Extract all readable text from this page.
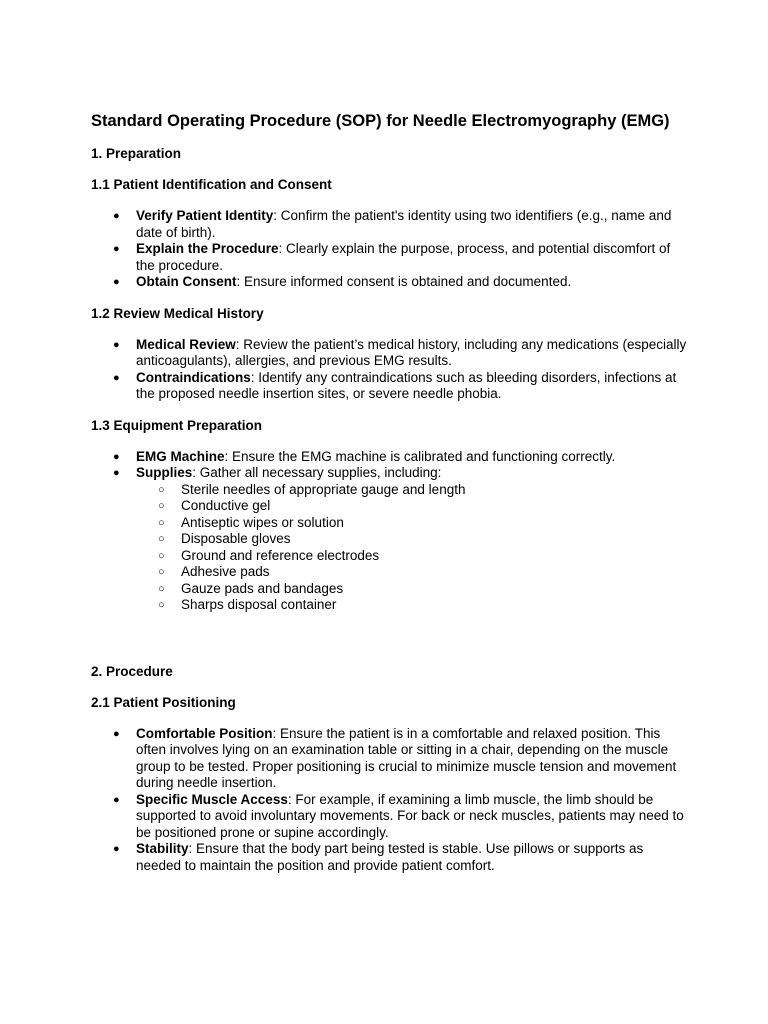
Standard Operating Procedure (SOP) for Needle Electromyography (EMG)
1. Preparation
1.1 Patient Identification and Consent
● Verify Patient Identity: Confirm the patient's identity using two identifiers (e.g., name and date of birth).
● Explain the Procedure: Clearly explain the purpose, process, and potential discomfort of the procedure.
● Obtain Consent: Ensure informed consent is obtained and documented.
1.2 Review Medical History
● Medical Review: Review the patient’s medical history, including any medications (especially anticoagulants), allergies, and previous EMG results.
● Contraindications: Identify any contraindications such as bleeding disorders, infections at the proposed needle insertion sites, or severe needle phobia.
1.3 Equipment Preparation
● EMG Machine: Ensure the EMG machine is calibrated and functioning correctly.
● Supplies: Gather all necessary supplies, including:
○ Sterile needles of appropriate gauge and length
○ Conductive gel
○ Antiseptic wipes or solution
○ Disposable gloves
○ Ground and reference electrodes
○ Adhesive pads
○ Gauze pads and bandages
○ Sharps disposal container
2. Procedure
2.1 Patient Positioning
● Comfortable Position: Ensure the patient is in a comfortable and relaxed position. This often involves lying on an examination table or sitting in a chair, depending on the muscle group to be tested. Proper positioning is crucial to minimize muscle tension and movement during needle insertion.
● Specific Muscle Access: For example, if examining a limb muscle, the limb should be supported to avoid involuntary movements. For back or neck muscles, patients may need to be positioned prone or supine accordingly.
● Stability: Ensure that the body part being tested is stable. Use pillows or supports as needed to maintain the position and provide patient comfort.
